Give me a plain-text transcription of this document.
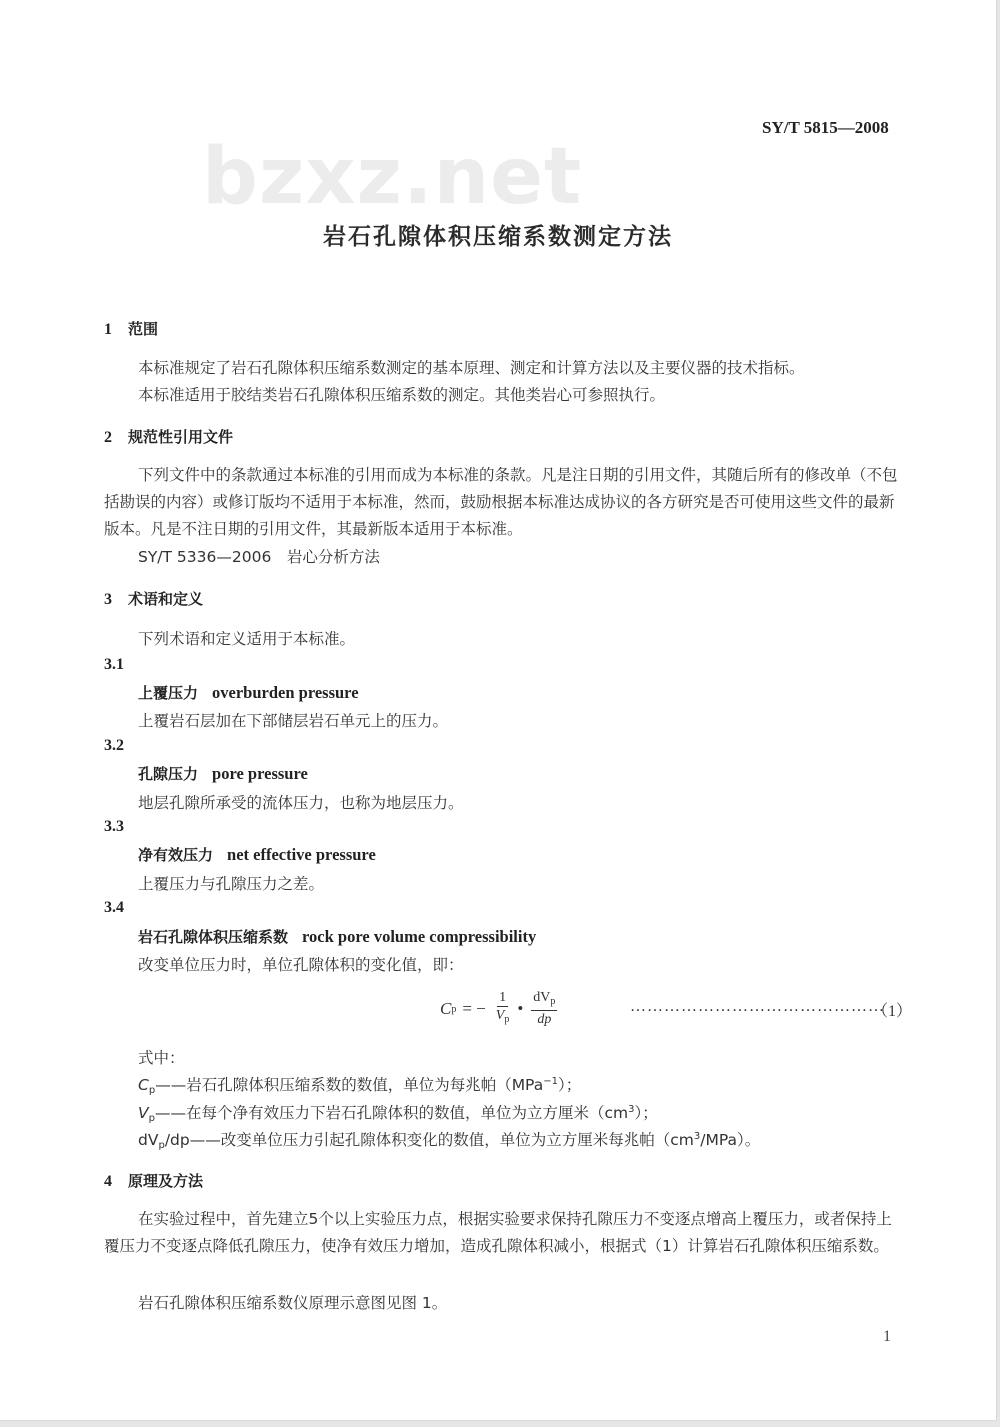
SY/T 5815—2008
bzxz.net
岩石孔隙体积压缩系数测定方法
1 范围
本标准规定了岩石孔隙体积压缩系数测定的基本原理、测定和计算方法以及主要仪器的技术指标。
本标准适用于胶结类岩石孔隙体积压缩系数的测定。其他类岩心可参照执行。
2 规范性引用文件
下列文件中的条款通过本标准的引用而成为本标准的条款。凡是注日期的引用文件，其随后所有的修改单（不包括勘误的内容）或修订版均不适用于本标准，然而，鼓励根据本标准达成协议的各方研究是否可使用这些文件的最新版本。凡是不注日期的引用文件，其最新版本适用于本标准。
SY/T 5336—2006　岩心分析方法
3 术语和定义
下列术语和定义适用于本标准。
3.1
上覆压力 overburden pressure
上覆岩石层加在下部储层岩石单元上的压力。
3.2
孔隙压力 pore pressure
地层孔隙所承受的流体压力，也称为地层压力。
3.3
净有效压力 net effective pressure
上覆压力与孔隙压力之差。
3.4
岩石孔隙体积压缩系数 rock pore volume compressibility
改变单位压力时，单位孔隙体积的变化值，即：
C p = − $\frac{1}{V_p}$ • $\frac{dV_p}{dp}$	………………………………………
（1）
式中：
Cp——岩石孔隙体积压缩系数的数值，单位为每兆帕（MPa$^{-1}$）；
Vp——在每个净有效压力下岩石孔隙体积的数值，单位为立方厘米$(cm^3)$；
dVp/dp——改变单位压力引起孔隙体积变化的数值，单位为立方厘米每兆帕$(cm^3/MPa)$。
4 原理及方法
在实验过程中，首先建立5个以上实验压力点，根据实验要求保持孔隙压力不变逐点增高上覆压力，或者保持上覆压力不变逐点降低孔隙压力，使净有效压力增加，造成孔隙体积减小，根据式（1）计算岩石孔隙体积压缩系数。
岩石孔隙体积压缩系数仪原理示意图见图 1。
1
